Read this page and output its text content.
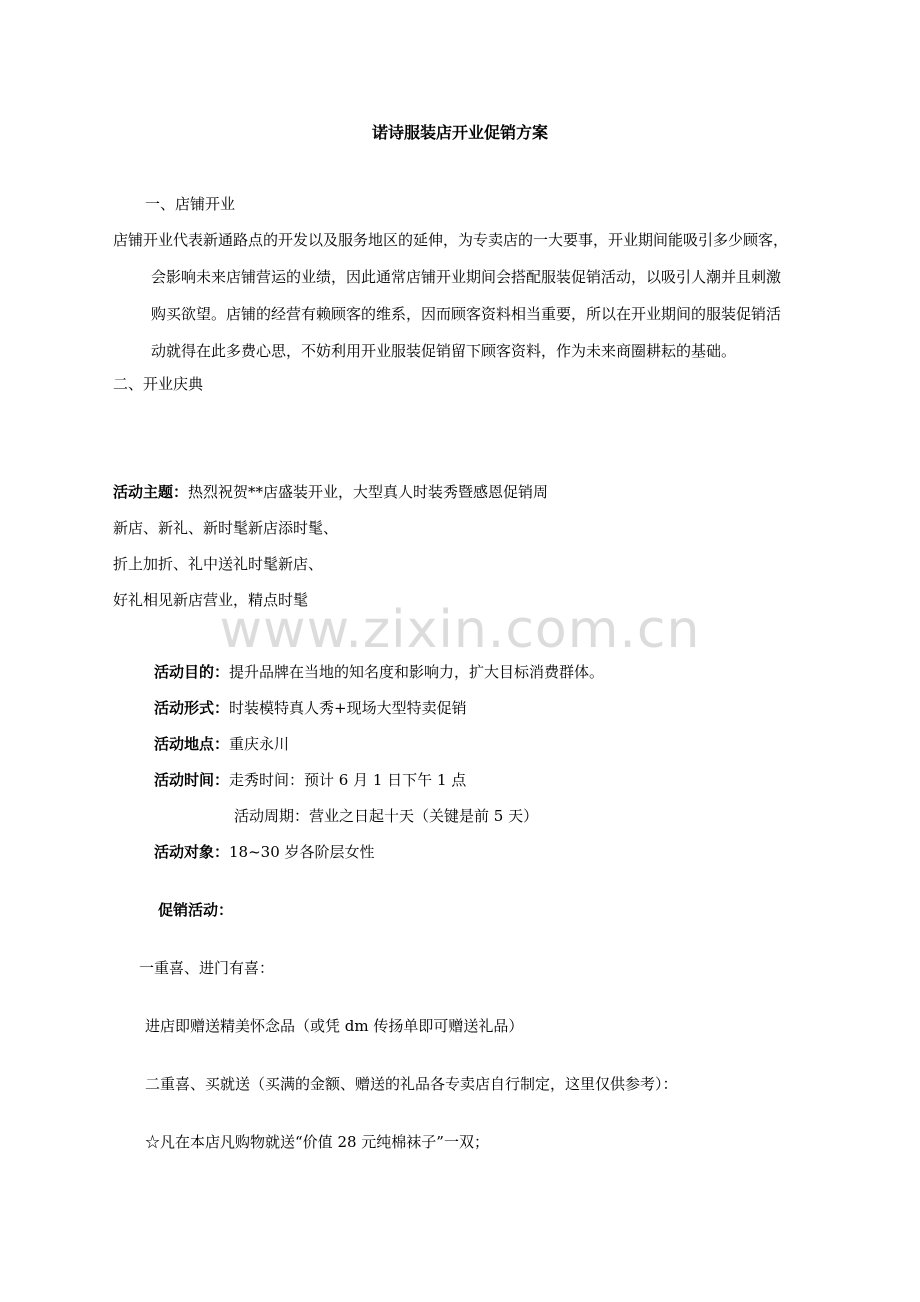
诺诗服装店开业促销方案
www.zixin.com.cn
一、店铺开业
店铺开业代表新通路点的开发以及服务地区的延伸，为专卖店的一大要事，开业期间能吸引多少顾客，
会影响未来店铺营运的业绩，因此通常店铺开业期间会搭配服装促销活动，以吸引人潮并且刺激
购买欲望。店铺的经营有赖顾客的维系，因而顾客资料相当重要，所以在开业期间的服装促销活
动就得在此多费心思，不妨利用开业服装促销留下顾客资料，作为未来商圈耕耘的基础。
二、开业庆典
活动主题：热烈祝贺**店盛装开业，大型真人时装秀暨感恩促销周
新店、新礼、新时髦新店添时髦、
折上加折、礼中送礼时髦新店、
好礼相见新店营业，精点时髦
活动目的：提升品牌在当地的知名度和影响力，扩大目标消费群体。
活动形式：时装模特真人秀+现场大型特卖促销
活动地点：重庆永川
活动时间：走秀时间：预计 6 月 1 日下午 1 点
活动周期：营业之日起十天（关键是前 5 天）
活动对象：18~30 岁各阶层女性
促销活动：
一重喜、进门有喜：
进店即赠送精美怀念品（或凭 dm 传扬单即可赠送礼品）
二重喜、买就送（买满的金额、赠送的礼品各专卖店自行制定，这里仅供参考）：
☆凡在本店凡购物就送“价值 28 元纯棉袜子”一双；
